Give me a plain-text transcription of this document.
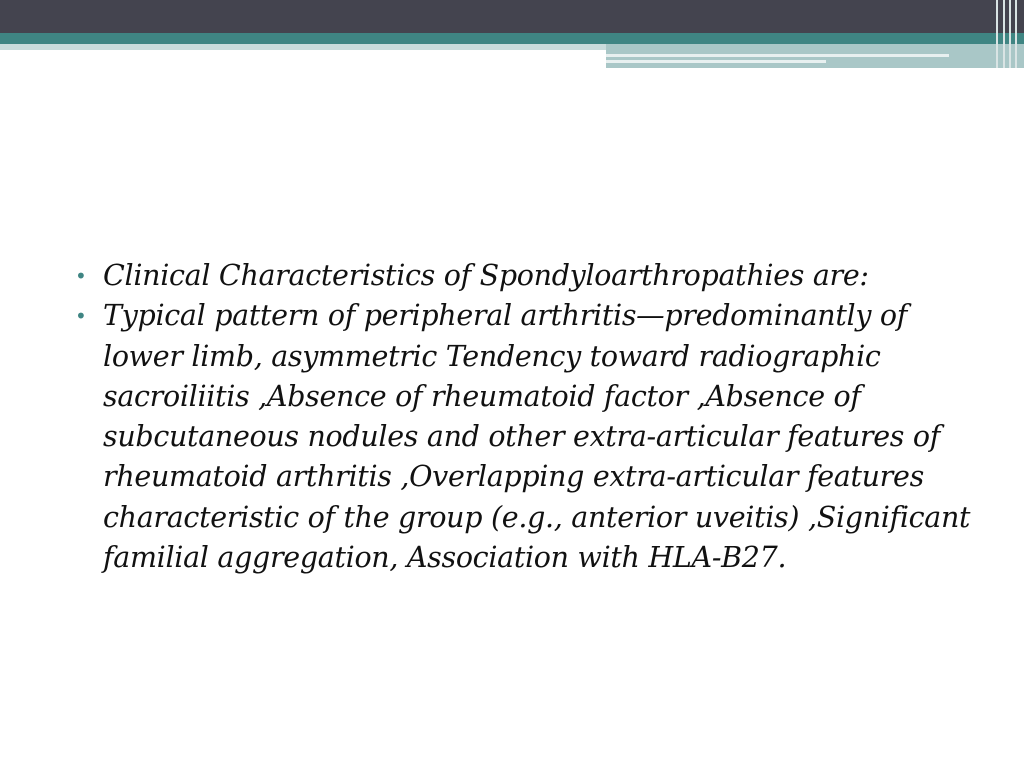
• Clinical Characteristics of Spondyloarthropathies are:
• Typical pattern of peripheral arthritis—predominantly of lower limb, asymmetric Tendency toward radiographic sacroiliitis ,Absence of rheumatoid factor ,Absence of subcutaneous nodules and other extra-articular features of rheumatoid arthritis ,Overlapping extra-articular features characteristic of the group (e.g., anterior uveitis) ,Significant familial aggregation, Association with HLA-B27.
